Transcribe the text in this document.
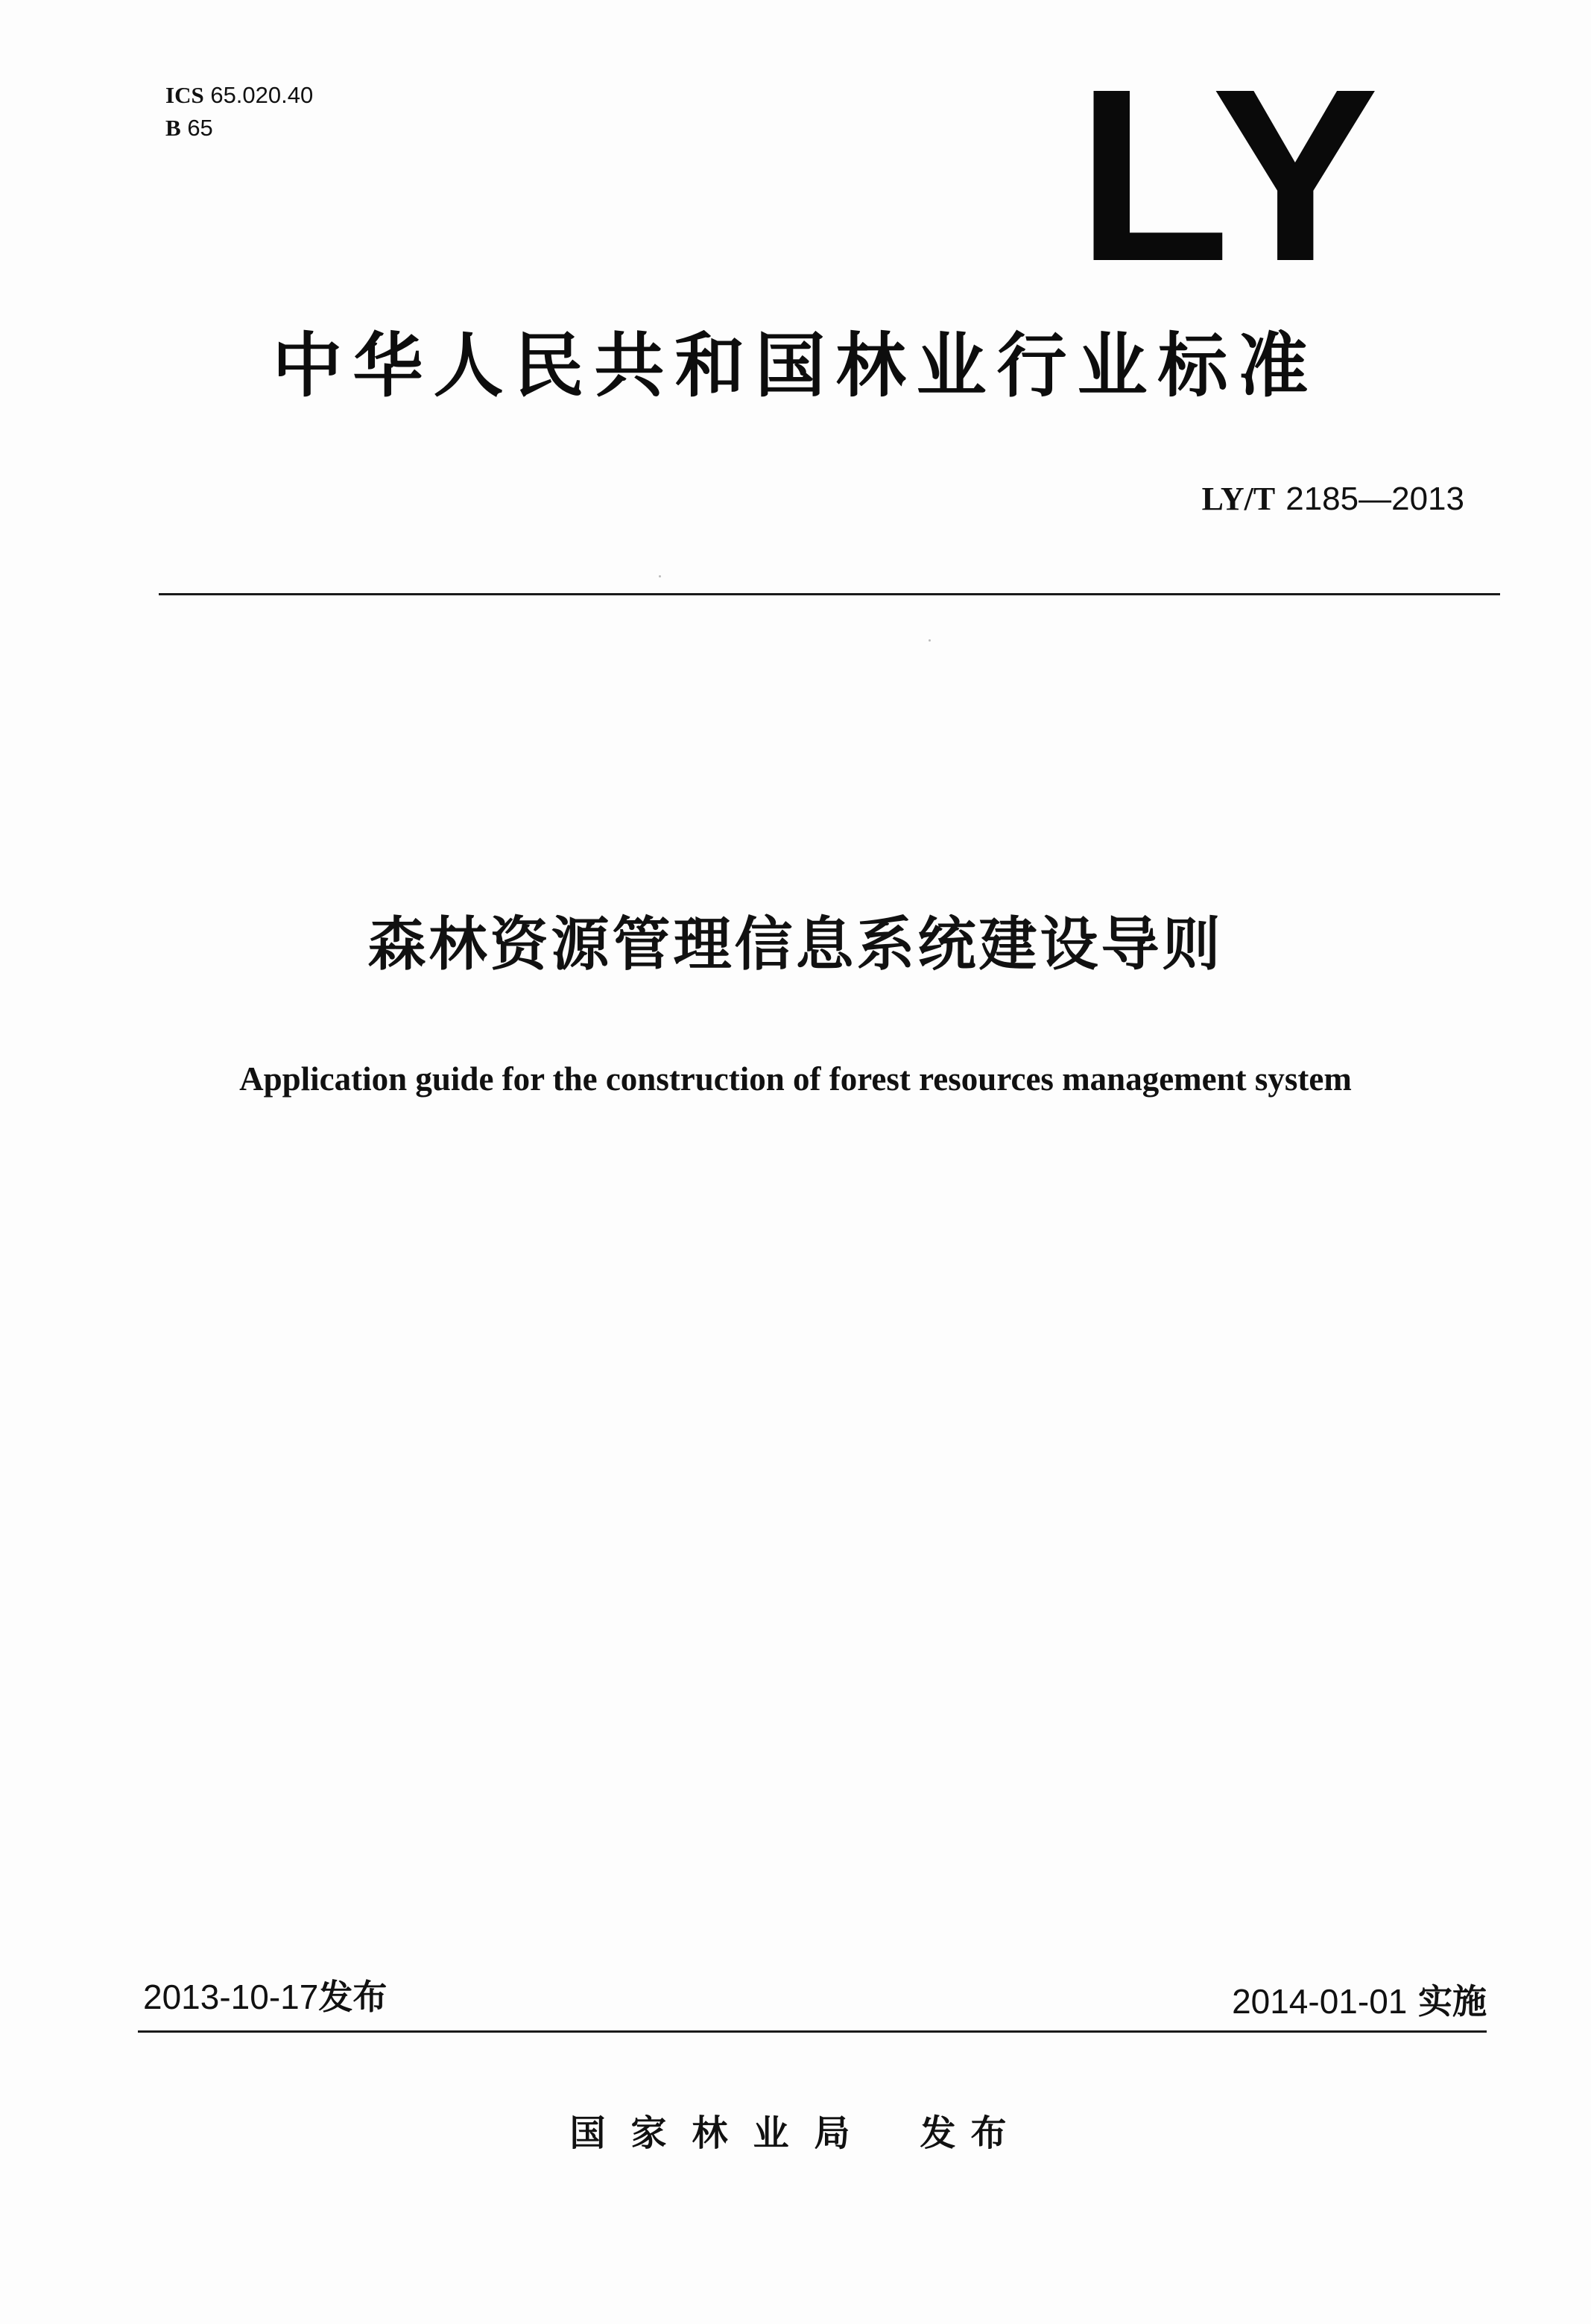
ICS 65.020.40
B 65	LY
中华人民共和国林业行业标准
LY/T 2185—2013
森林资源管理信息系统建设导则
Application guide for the construction of forest resources management system
2013-10-17发布	2014-01-01 实施
国家林业局 发布
